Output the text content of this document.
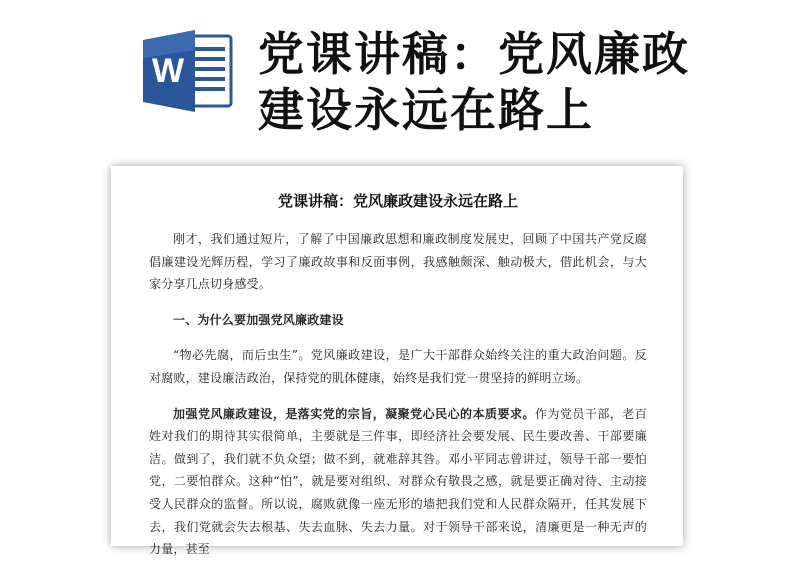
W 党课讲稿：党风廉政
建设永远在路上
党课讲稿：党风廉政建设永远在路上

刚才，我们通过短片，了解了中国廉政思想和廉政制度发展史，回顾了中国共产党反腐倡廉建设光辉历程，学习了廉政故事和反面事例，我感触颇深、触动极大，借此机会，与大家分享几点切身感受。

一、为什么要加强党风廉政建设

“物必先腐，而后虫生”。党风廉政建设，是广大干部群众始终关注的重大政治问题。反对腐败，建设廉洁政治，保持党的肌体健康，始终是我们党一贯坚持的鲜明立场。

加强党风廉政建设，是落实党的宗旨，凝聚党心民心的本质要求。作为党员干部，老百姓对我们的期待其实很简单，主要就是三件事，即经济社会要发展、民生要改善、干部要廉洁。做到了，我们就不负众望；做不到，就难辞其咎。邓小平同志曾讲过，领导干部一要怕党，二要怕群众。这种“怕”，就是要对组织、对群众有敬畏之感，就是要正确对待、主动接受人民群众的监督。所以说，腐败就像一座无形的墙把我们党和人民群众隔开，任其发展下去，我们党就会失去根基、失去血脉、失去力量。对于领导干部来说，清廉更是一种无声的力量，甚至
